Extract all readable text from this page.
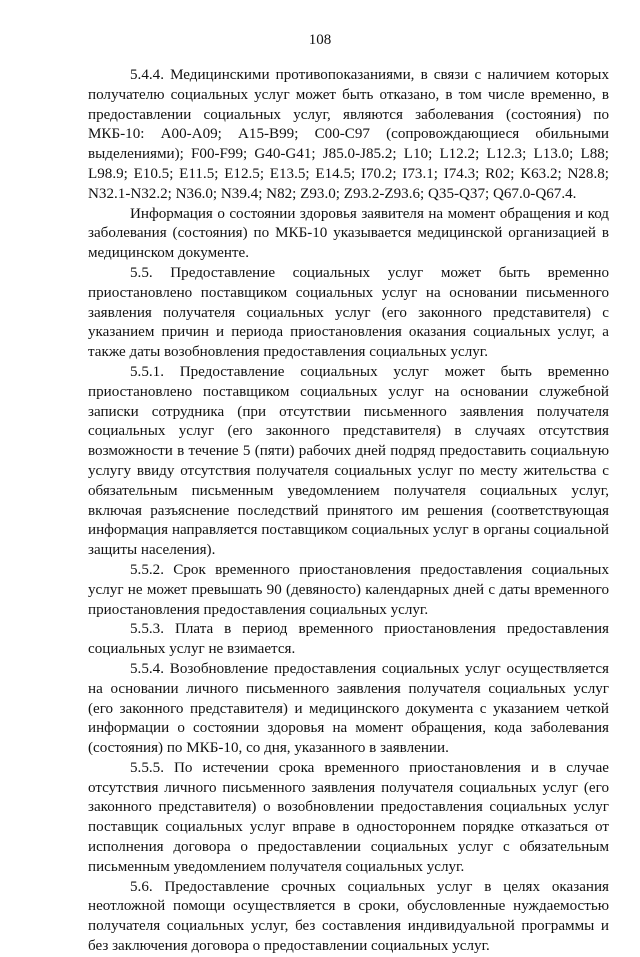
108

5.4.4. Медицинскими противопоказаниями, в связи с наличием которых получателю социальных услуг может быть отказано, в том числе временно, в предоставлении социальных услуг, являются заболевания (состояния) по МКБ-10: А00-А09; А15-В99; С00-С97 (сопровождающиеся обильными выделениями); F00-F99; G40-G41; J85.0-J85.2; L10; L12.2; L12.3; L13.0; L88; L98.9; E10.5; E11.5; E12.5; E13.5; E14.5; I70.2; I73.1; I74.3; R02; K63.2; N28.8; N32.1-N32.2; N36.0; N39.4; N82; Z93.0; Z93.2-Z93.6; Q35-Q37; Q67.0-Q67.4.

Информация о состоянии здоровья заявителя на момент обращения и код заболевания (состояния) по МКБ-10 указывается медицинской организацией в медицинском документе.

5.5. Предоставление социальных услуг может быть временно приостановлено поставщиком социальных услуг на основании письменного заявления получателя социальных услуг (его законного представителя) с указанием причин и периода приостановления оказания социальных услуг, а также даты возобновления предоставления социальных услуг.

5.5.1. Предоставление социальных услуг может быть временно приостановлено поставщиком социальных услуг на основании служебной записки сотрудника (при отсутствии письменного заявления получателя социальных услуг (его законного представителя) в случаях отсутствия возможности в течение 5 (пяти) рабочих дней подряд предоставить социальную услугу ввиду отсутствия получателя социальных услуг по месту жительства с обязательным письменным уведомлением получателя социальных услуг, включая разъяснение последствий принятого им решения (соответствующая информация направляется поставщиком социальных услуг в органы социальной защиты населения).

5.5.2. Срок временного приостановления предоставления социальных услуг не может превышать 90 (девяносто) календарных дней с даты временного приостановления предоставления социальных услуг.

5.5.3. Плата в период временного приостановления предоставления социальных услуг не взимается.

5.5.4. Возобновление предоставления социальных услуг осуществляется на основании личного письменного заявления получателя социальных услуг (его законного представителя) и медицинского документа с указанием четкой информации о состоянии здоровья на момент обращения, кода заболевания (состояния) по МКБ-10, со дня, указанного в заявлении.

5.5.5. По истечении срока временного приостановления и в случае отсутствия личного письменного заявления получателя социальных услуг (его законного представителя) о возобновлении предоставления социальных услуг поставщик социальных услуг вправе в одностороннем порядке отказаться от исполнения договора о предоставлении социальных услуг с обязательным письменным уведомлением получателя социальных услуг.

5.6. Предоставление срочных социальных услуг в целях оказания неотложной помощи осуществляется в сроки, обусловленные нуждаемостью получателя социальных услуг, без составления индивидуальной программы и без заключения договора о предоставлении социальных услуг.
